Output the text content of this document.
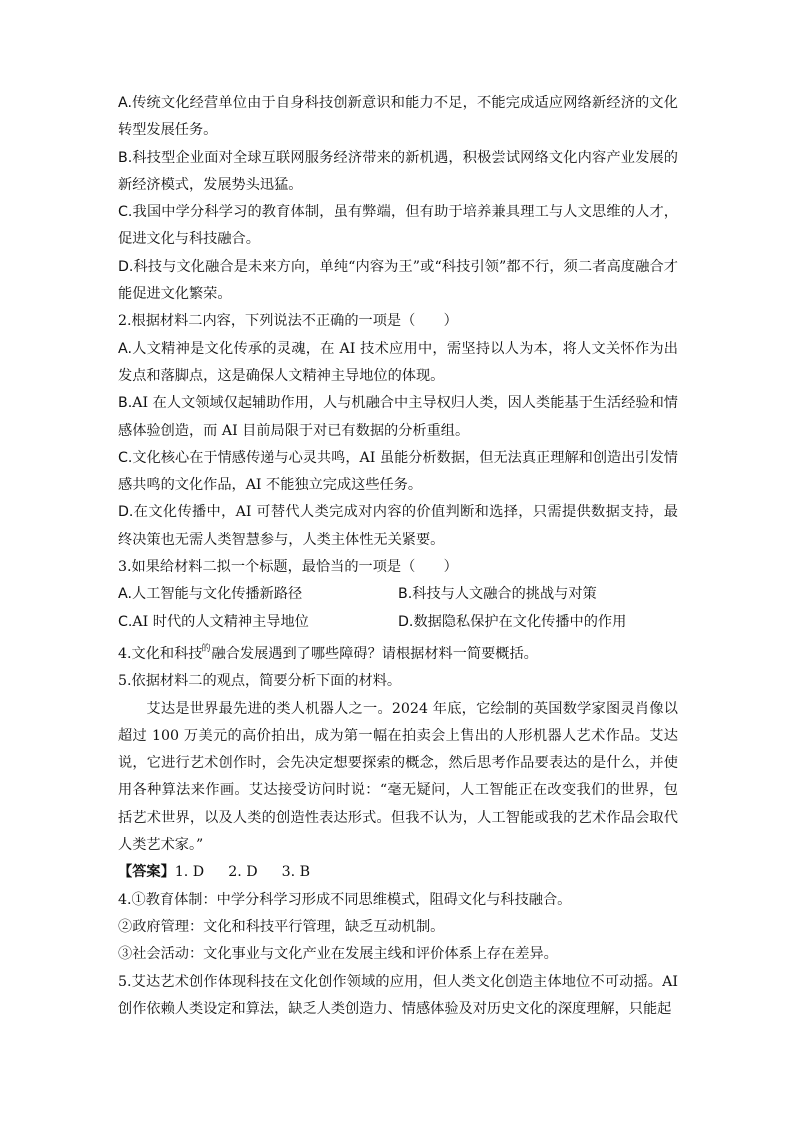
A.传统文化经营单位由于自身科技创新意识和能力不足，不能完成适应网络新经济的文化转型发展任务。

B.科技型企业面对全球互联网服务经济带来的新机遇，积极尝试网络文化内容产业发展的新经济模式，发展势头迅猛。

C.我国中学分科学习的教育体制，虽有弊端，但有助于培养兼具理工与人文思维的人才，促进文化与科技融合。

D.科技与文化融合是未来方向，单纯“内容为王”或“科技引领”都不行，须二者高度融合才能促进文化繁荣。

2.根据材料二内容，下列说法不正确的一项是（　　）

A.人文精神是文化传承的灵魂，在 AI 技术应用中，需坚持以人为本，将人文关怀作为出发点和落脚点，这是确保人文精神主导地位的体现。

B.AI 在人文领域仅起辅助作用，人与机融合中主导权归人类，因人类能基于生活经验和情感体验创造，而 AI 目前局限于对已有数据的分析重组。

C.文化核心在于情感传递与心灵共鸣，AI 虽能分析数据，但无法真正理解和创造出引发情感共鸣的文化作品，AI 不能独立完成这些任务。

D.在文化传播中，AI 可替代人类完成对内容的价值判断和选择，只需提供数据支持，最终决策也无需人类智慧参与，人类主体性无关紧要。

3.如果给材料二拟一个标题，最恰当的一项是（　　）

A.人工智能与文化传播新路径	B.科技与人文融合的挑战与对策
C.AI 时代的人文精神主导地位	D.数据隐私保护在文化传播中的作用

4.文化和科技$^的$融合发展遇到了哪些障碍？请根据材料一简要概括。

5.依据材料二的观点，简要分析下面的材料。

艾达是世界最先进的类人机器人之一。2024 年底，它绘制的英国数学家图灵肖像以超过 100 万美元的高价拍出，成为第一幅在拍卖会上售出的人形机器人艺术作品。艾达说，它进行艺术创作时，会先决定想要探索的概念，然后思考作品要表达的是什么，并使用各种算法来作画。艾达接受访问时说：“毫无疑问，人工智能正在改变我们的世界，包括艺术世界，以及人类的创造性表达形式。但我不认为，人工智能或我的艺术作品会取代人类艺术家。”

【答案】1. D 2. D 3. B

4.①教育体制：中学分科学习形成不同思维模式，阻碍文化与科技融合。

②政府管理：文化和科技平行管理，缺乏互动机制。

③社会活动：文化事业与文化产业在发展主线和评价体系上存在差异。

5.艾达艺术创作体现科技在文化创作领域的应用，但人类文化创造主体地位不可动摇。AI 创作依赖人类设定和算法，缺乏人类创造力、情感体验及对历史文化的深度理解，只能起
